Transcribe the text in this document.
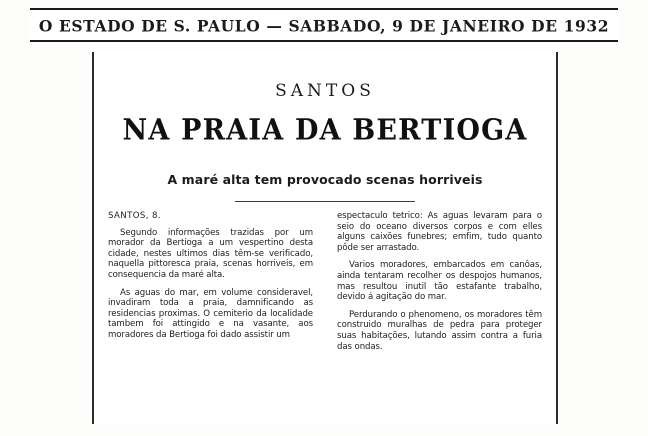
O ESTADO DE S. PAULO — SABBADO, 9 DE JANEIRO DE 1932
SANTOS
NA PRAIA DA BERTIOGA
A maré alta tem provocado scenas horriveis
SANTOS, 8.

Segundo informações trazidas por um morador da Bertioga a um vespertino desta cidade, nestes ultimos dias têm-se verificado, naquella pittoresca praia, scenas horriveis, em consequencia da maré alta.

As aguas do mar, em volume consideravel, invadiram toda a praia, damnificando as residencias proximas. O cemiterio da localidade tambem foi attingido e na vasante, aos moradores da Bertioga foi dado assistir um

espectaculo tetrico: As aguas levaram para o seio do oceano diversos corpos e com elles alguns caixões funebres; emfim, tudo quanto pôde ser arrastado.

Varios moradores, embarcados em canôas, ainda tentaram recolher os despojos humanos, mas resultou inutil tão estafante trabalho, devido á agitação do mar.

Perdurando o phenomeno, os moradores têm construido muralhas de pedra para proteger suas habitações, lutando assim contra a furia das ondas.
